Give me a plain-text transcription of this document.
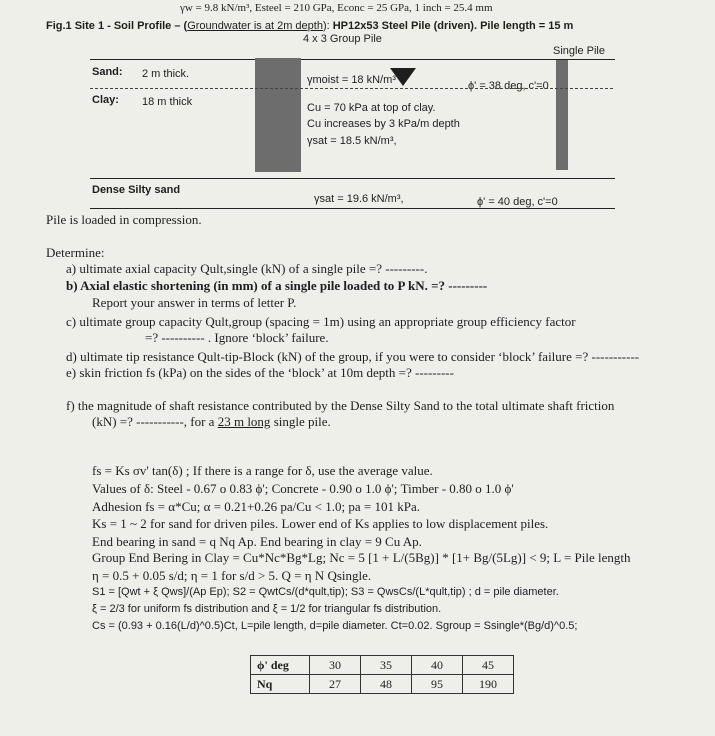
γw = 9.8 kN/m³, Esteel = 210 GPa, Econc = 25 GPa, 1 inch = 25.4 mm
Fig.1 Site 1 - Soil Profile – (Groundwater is at 2m depth): HP12x53 Steel Pile (driven). Pile length = 15 m
4 x 3 Group Pile
Single Pile
Sand: 2 m thick.	γmoist = 18 kN/m³	ϕ' = 38 deg, c'=0
Clay: 18 m thick	Cu = 70 kPa at top of clay.
Cu increases by 3 kPa/m depth
γsat = 18.5 kN/m³,
Dense Silty sand
γsat = 19.6 kN/m³,	ϕ' = 40 deg, c'=0
Pile is loaded in compression.
Determine:
a) ultimate axial capacity Qult,single (kN) of a single pile =? ---------.
b) Axial elastic shortening (in mm) of a single pile loaded to P kN. =? ---------
Report your answer in terms of letter P.
c) ultimate group capacity Qult,group (spacing = 1m) using an appropriate group efficiency factor
=? ---------- . Ignore ‘block’ failure.
d) ultimate tip resistance Qult-tip-Block (kN) of the group, if you were to consider ‘block’ failure =? -----------
e) skin friction fs (kPa) on the sides of the ‘block’ at 10m depth =? ---------
f) the magnitude of shaft resistance contributed by the Dense Silty Sand to the total ultimate shaft friction
(kN) =? -----------, for a 23 m long single pile.
fs = Ks σv' tan(δ) ; If there is a range for δ, use the average value.
Values of δ: Steel - 0.67 o 0.83 ϕ'; Concrete - 0.90 o 1.0 ϕ'; Timber - 0.80 o 1.0 ϕ'
Adhesion fs = α*Cu; α = 0.21+0.26 pa/Cu < 1.0; pa = 101 kPa.
Ks = 1 ~ 2 for sand for driven piles. Lower end of Ks applies to low displacement piles.
End bearing in sand = q Nq Ap. End bearing in clay = 9 Cu Ap.
Group End Bering in Clay = Cu*Nc*Bg*Lg; Nc = 5 [1 + L/(5Bg)] * [1+ Bg/(5Lg)] < 9; L = Pile length
η = 0.5 + 0.05 s/d; η = 1 for s/d > 5. Q = η N Qsingle.
S1 = [Qwt + ξ Qws]/(Ap Ep); S2 = QwtCs/(d*qult,tip); S3 = QwsCs/(L*qult,tip) ; d = pile diameter.
ξ = 2/3 for uniform fs distribution and ξ = 1/2 for triangular fs distribution.
Cs = (0.93 + 0.16(L/d)^0.5)Ct, L=pile length, d=pile diameter. Ct=0.02. Sgroup = Ssingle*(Bg/d)^0.5;
ϕ' deg	30	35	40	45
Nq	27	48	95	190
